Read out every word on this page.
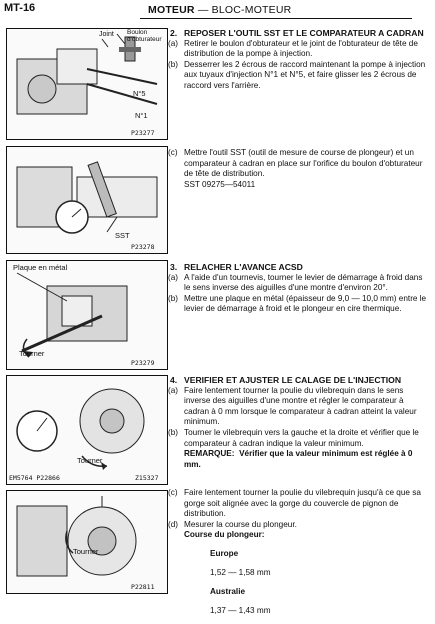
MT-16	MOTEUR — BLOC-MOTEUR
Joint Boulon d'obturateur
N°5
N°1
P23277
SST
P23278
Plaque en métal
Tourner
P23279
Tourner
EM5764 P22866	Z15327
Tourner
P22811

2. REPOSER L'OUTIL SST ET LE COMPARATEUR A CADRAN

(a) Retirer le boulon d'obturateur et le joint de l'obturateur de tête de distribution de la pompe à injection.

(b) Desserrer les 2 écrous de raccord maintenant la pompe à injection aux tuyaux d'injection N°1 et N°5, et faire glisser les 2 écrous de raccord vers l'arrière.

(c) Mettre l'outil SST (outil de mesure de course de plongeur) et un comparateur à cadran en place sur l'orifice du boulon d'obturateur de tête de distribution.

SST 09275—54011

3. RELACHER L'AVANCE ACSD

(a) A l'aide d'un tournevis, tourner le levier de démarrage à froid dans le sens inverse des aiguilles d'une montre d'environ 20°.

(b) Mettre une plaque en métal (épaisseur de 9,0 — 10,0 mm) entre le levier de démarrage à froid et le plongeur en cire thermique.

4. VERIFIER ET AJUSTER LE CALAGE DE L'INJECTION

(a) Faire lentement tourner la poulie du vilebrequin dans le sens inverse des aiguilles d'une montre et régler le comparateur à cadran à 0 mm lorsque le comparateur à cadran atteint la valeur minimum.

(b) Tourner le vilebrequin vers la gauche et la droite et vérifier que le comparateur à cadran indique la valeur minimum.

REMARQUE: Vérifier que la valeur minimum est réglée à 0 mm.

(c) Faire lentement tourner la poulie du vilebrequin jusqu'à ce que sa gorge soit alignée avec la gorge du couvercle de pignon de distribution.

(d) Mesurer la course du plongeur.

Course du plongeur:

Europe

1,52 — 1,58 mm

Australie

1,37 — 1,43 mm
